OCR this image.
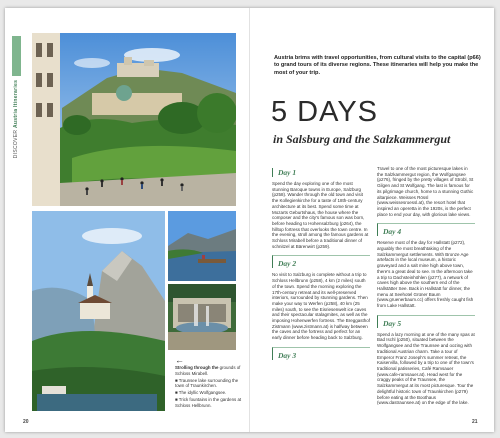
DISCOVER Austria Itineraries
←

Strolling through the grounds of Schloss Mirabell.

■ Traunsee lake surrounding the town of Traunkirchen.

■ The idyllic Wolfgangsee.

■ Trick fountains in the gardens at Schloss Hellbrunn.

20
Austria brims with travel opportunities, from cultural visits to the capital (p66) to grand tours of its diverse regions. These itineraries will help you make the most of your trip.
5 DAYS
in Salsburg and the Salzkammergut
Day 1
Spend the day exploring one of the most stunning Baroque towns in Europe, Salzburg (p258). Wander through the old town and visit the Kollegienkirche for a taste of 18th-century architecture at its best. Spend some time at Mozarts Geburtshaus, the house where the composer and the city's famous son was born, before heading to Hohensalzburg (p264), the hilltop fortress that overlooks the town centre. In the evening, stroll among the famous gardens at Schloss Mirabell before a traditional dinner of schnitzel at Bärenwirt (p259).
Day 2
No visit to Salzburg is complete without a trip to Schloss Hellbrunn (p258), 4 km (2 miles) south of the town. Spend the morning exploring the 17th-century retreat and its well-preserved interiors, surrounded by stunning gardens. Then make your way to Werfen (p258), 40 km (25 miles) south, to see the Eisriesenwelt ice caves and their spectacular stalagmites, as well as the imposing Hohenwerfen fortress. The Breggasthof Zistmann (www.zistmann.at) is halfway between the caves and the fortress and perfect for an early dinner before heading back to Salzburg.
Day 3
Travel to one of the most picturesque lakes in the Salzkammergut region, the Wolfgangsee (p276), fringed by the pretty villages of Strobl, St Gilgen and St Wolfgang. The last is famous for its pilgrimage church, home to a stunning Gothic altarpiece. Weisses Rössl (www.weissesroessl.at), the resort hotel that inspired an operetta in the 1920s, is the perfect place to end your day, with glorious lake views.
Day 4
Reserve most of the day for Hallstatt (p272), arguably the most breathtaking of the Salzkammergut settlements. With Bronze Age artefacts in the local museum, a historic graveyard and a salt mine high above town, there's a great deal to see. In the afternoon take a trip to Dachsteinhöhlen (p277), a network of caves high above the southern end of the Hallstätter See. Back in Hallstatt for dinner, the menu at Seehotel Grüner Baum (www.gruenerbaum.cc) offers freshly caught fish from Lake Hallstatt.
Day 5
Spend a lazy morning at one of the many spas at Bad Ischl (p250), situated between the Wolfgangsee and the Traunsee and oozing with traditional Austrian charm. Take a tour of Emperor Franz Joseph's summer retreat, the Kaiservilla, followed by a trip to one of the town's traditional patisseries, Café Ramsauer (www.cafe-ramsauer.at). Head west for the craggy peaks of the Traunsee, the Salzkammergut at its most picturesque. Tour the delightful historic town of Traunkirchen (p279) before eating at the Boothaus (www.dastraunsee.at) on the edge of the lake.
21
